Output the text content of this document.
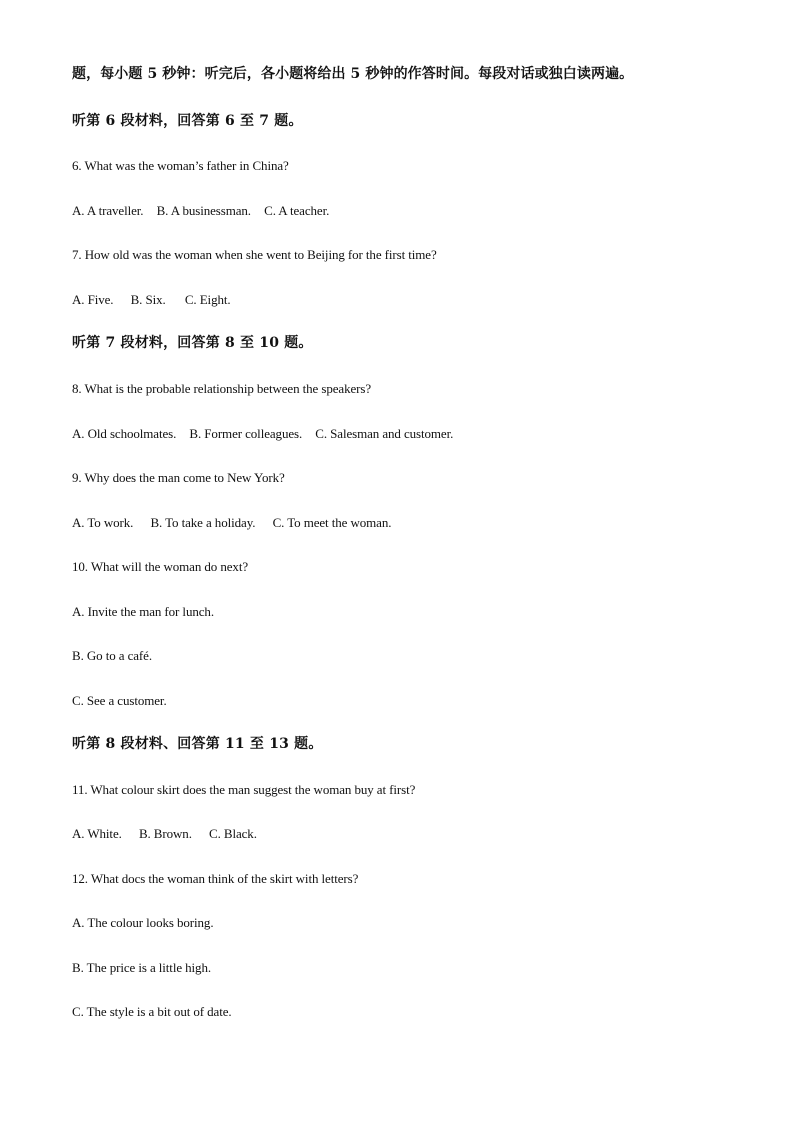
题，每小题 5 秒钟：听完后，各小题将给出 5 秒钟的作答时间。每段对话或独白读两遍。
听第 6 段材料，回答第 6 至 7 题。
6. What was the woman’s father in China?
A. A traveller. B. A businessman. C. A teacher.
7. How old was the woman when she went to Beijing for the first time?
A. Five. B. Six. C. Eight.
听第 7 段材料，回答第 8 至 10 题。
8. What is the probable relationship between the speakers?
A. Old schoolmates. B. Former colleagues. C. Salesman and customer.
9. Why does the man come to New York?
A. To work. B. To take a holiday. C. To meet the woman.
10. What will the woman do next?
A. Invite the man for lunch.
B. Go to a café.
C. See a customer.
听第 8 段材料、回答第 11 至 13 题。
11. What colour skirt does the man suggest the woman buy at first?
A. White. B. Brown. C. Black.
12. What docs the woman think of the skirt with letters?
A. The colour looks boring.
B. The price is a little high.
C. The style is a bit out of date.
